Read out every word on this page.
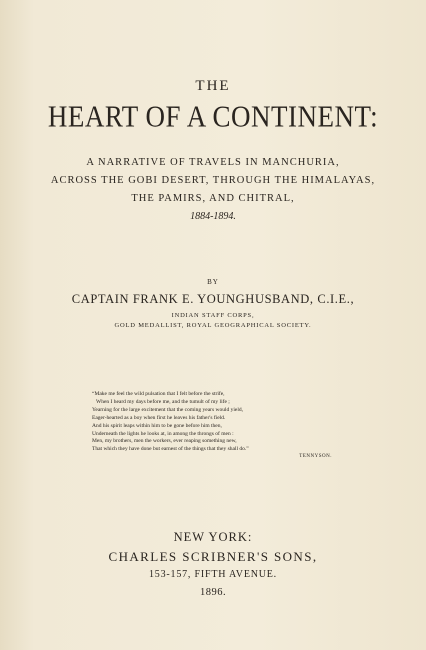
THE
HEART OF A CONTINENT:
A NARRATIVE OF TRAVELS IN MANCHURIA,
ACROSS THE GOBI DESERT, THROUGH THE HIMALAYAS,
THE PAMIRS, AND CHITRAL,
1884-1894.
BY
CAPTAIN FRANK E. YOUNGHUSBAND, C.I.E.,
INDIAN STAFF CORPS,
GOLD MEDALLIST, ROYAL GEOGRAPHICAL SOCIETY.
“Make me feel the wild pulsation that I felt before the strife,
When I heard my days before me, and the tumult of my life ;
Yearning for the large excitement that the coming years would yield,
Eager-hearted as a boy when first he leaves his father's field.
And his spirit leaps within him to be gone before him then,
Underneath the lights he looks at, in among the throngs of men :
Men, my brothers, men the workers, ever reaping something new,
That which they have done but earnest of the things that they shall do.”
TENNYSON.
NEW YORK:
CHARLES SCRIBNER'S SONS,
153-157, FIFTH AVENUE.
1896.
